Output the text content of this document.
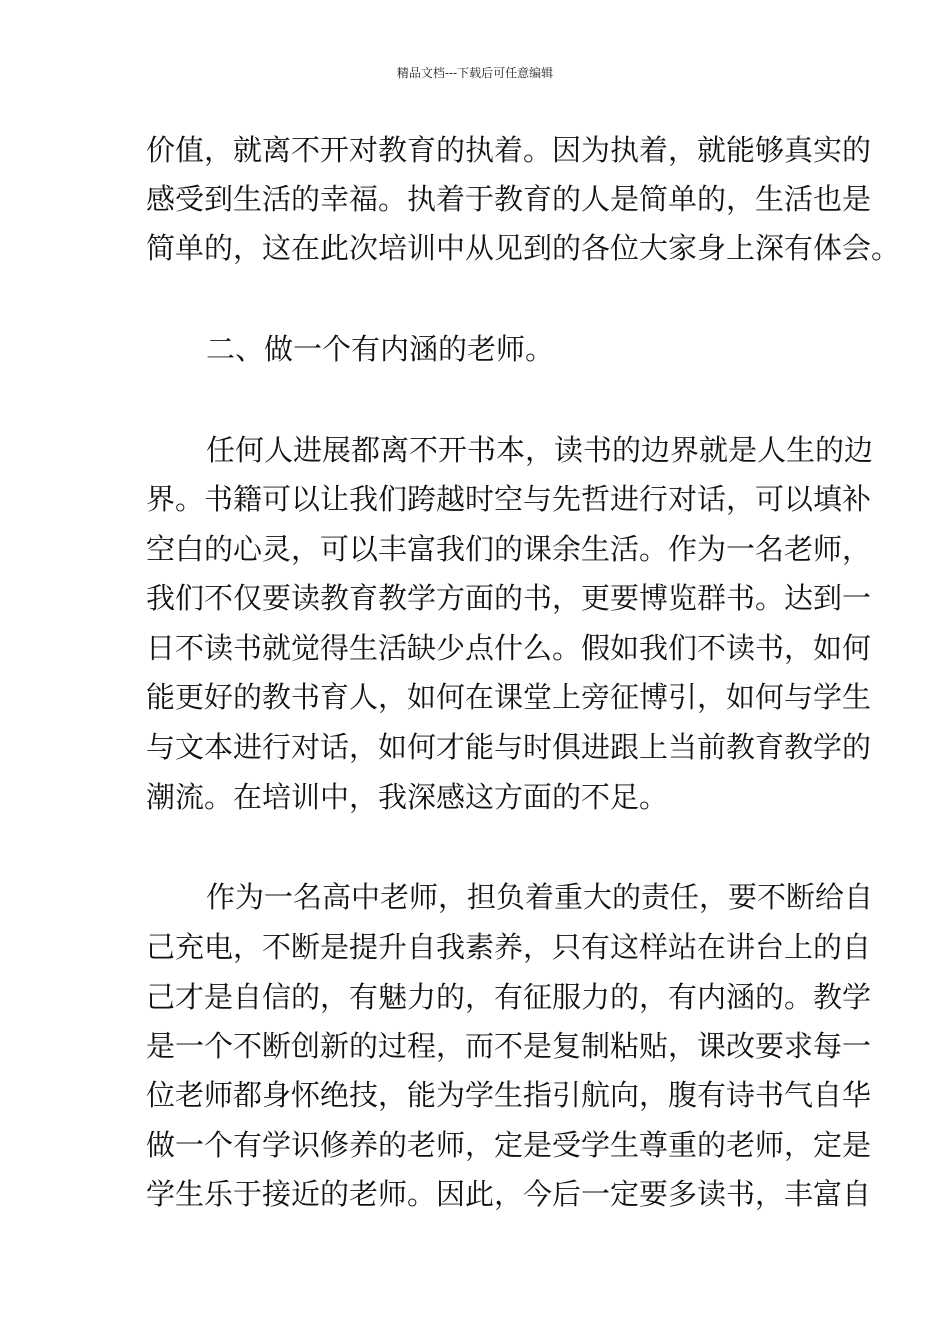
精品文档---下载后可任意编辑
价值，就离不开对教育的执着。因为执着，就能够真实的
感受到生活的幸福。执着于教育的人是简单的，生活也是
简单的，这在此次培训中从见到的各位大家身上深有体会。
二、做一个有内涵的老师。
任何人进展都离不开书本，读书的边界就是人生的边
界。书籍可以让我们跨越时空与先哲进行对话，可以填补
空白的心灵，可以丰富我们的课余生活。作为一名老师，
我们不仅要读教育教学方面的书，更要博览群书。达到一
日不读书就觉得生活缺少点什么。假如我们不读书，如何
能更好的教书育人，如何在课堂上旁征博引，如何与学生
与文本进行对话，如何才能与时俱进跟上当前教育教学的
潮流。在培训中，我深感这方面的不足。
作为一名高中老师，担负着重大的责任，要不断给自
己充电，不断是提升自我素养，只有这样站在讲台上的自
己才是自信的，有魅力的，有征服力的，有内涵的。教学
是一个不断创新的过程，而不是复制粘贴，课改要求每一
位老师都身怀绝技，能为学生指引航向，腹有诗书气自华
做一个有学识修养的老师，定是受学生尊重的老师，定是
学生乐于接近的老师。因此，今后一定要多读书，丰富自
